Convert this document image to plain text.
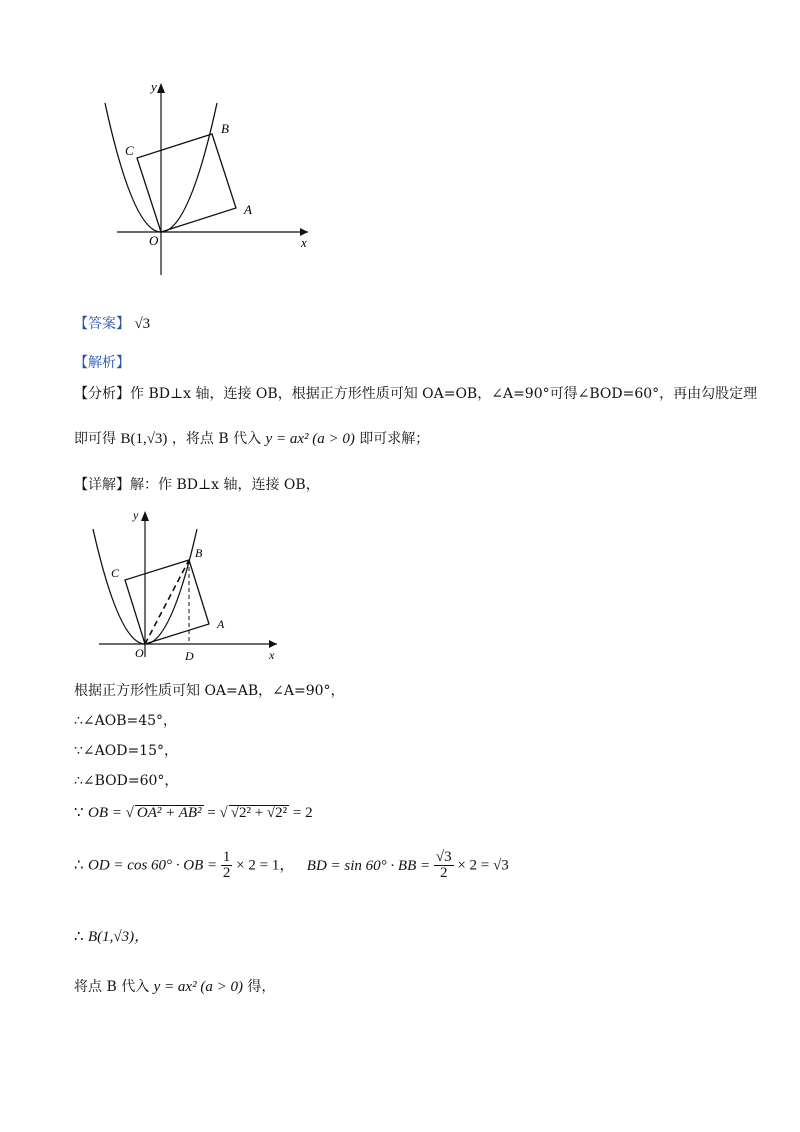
y
x
O
A
B
C
【答案】 √3
【解析】
【分析】作 BD⊥x 轴，连接 OB，根据正方形性质可知 OA=OB，∠A=90°可得∠BOD=60°，再由勾股定理
即可得 B(1,√3) ，将点 B 代入 y = ax² (a > 0) 即可求解；
【详解】解：作 BD⊥x 轴，连接 OB，
y
x
O
A
B
C
D
根据正方形性质可知 OA=AB，∠A=90°，
∴∠AOB=45°，
∵∠AOD=15°，
∴∠BOD=60°，
∵ OB = √ OA² + AB² = √ √2² + √2² = 2
∴ OD = cos 60° · OB = $\frac{1}{2} \times 2 = 1$， BD = sin 60° · BB = $\frac{√3}{2} \times 2 = √3$
∴ B(1,√3)，
将点 B 代入 y = ax² (a > 0) 得，
